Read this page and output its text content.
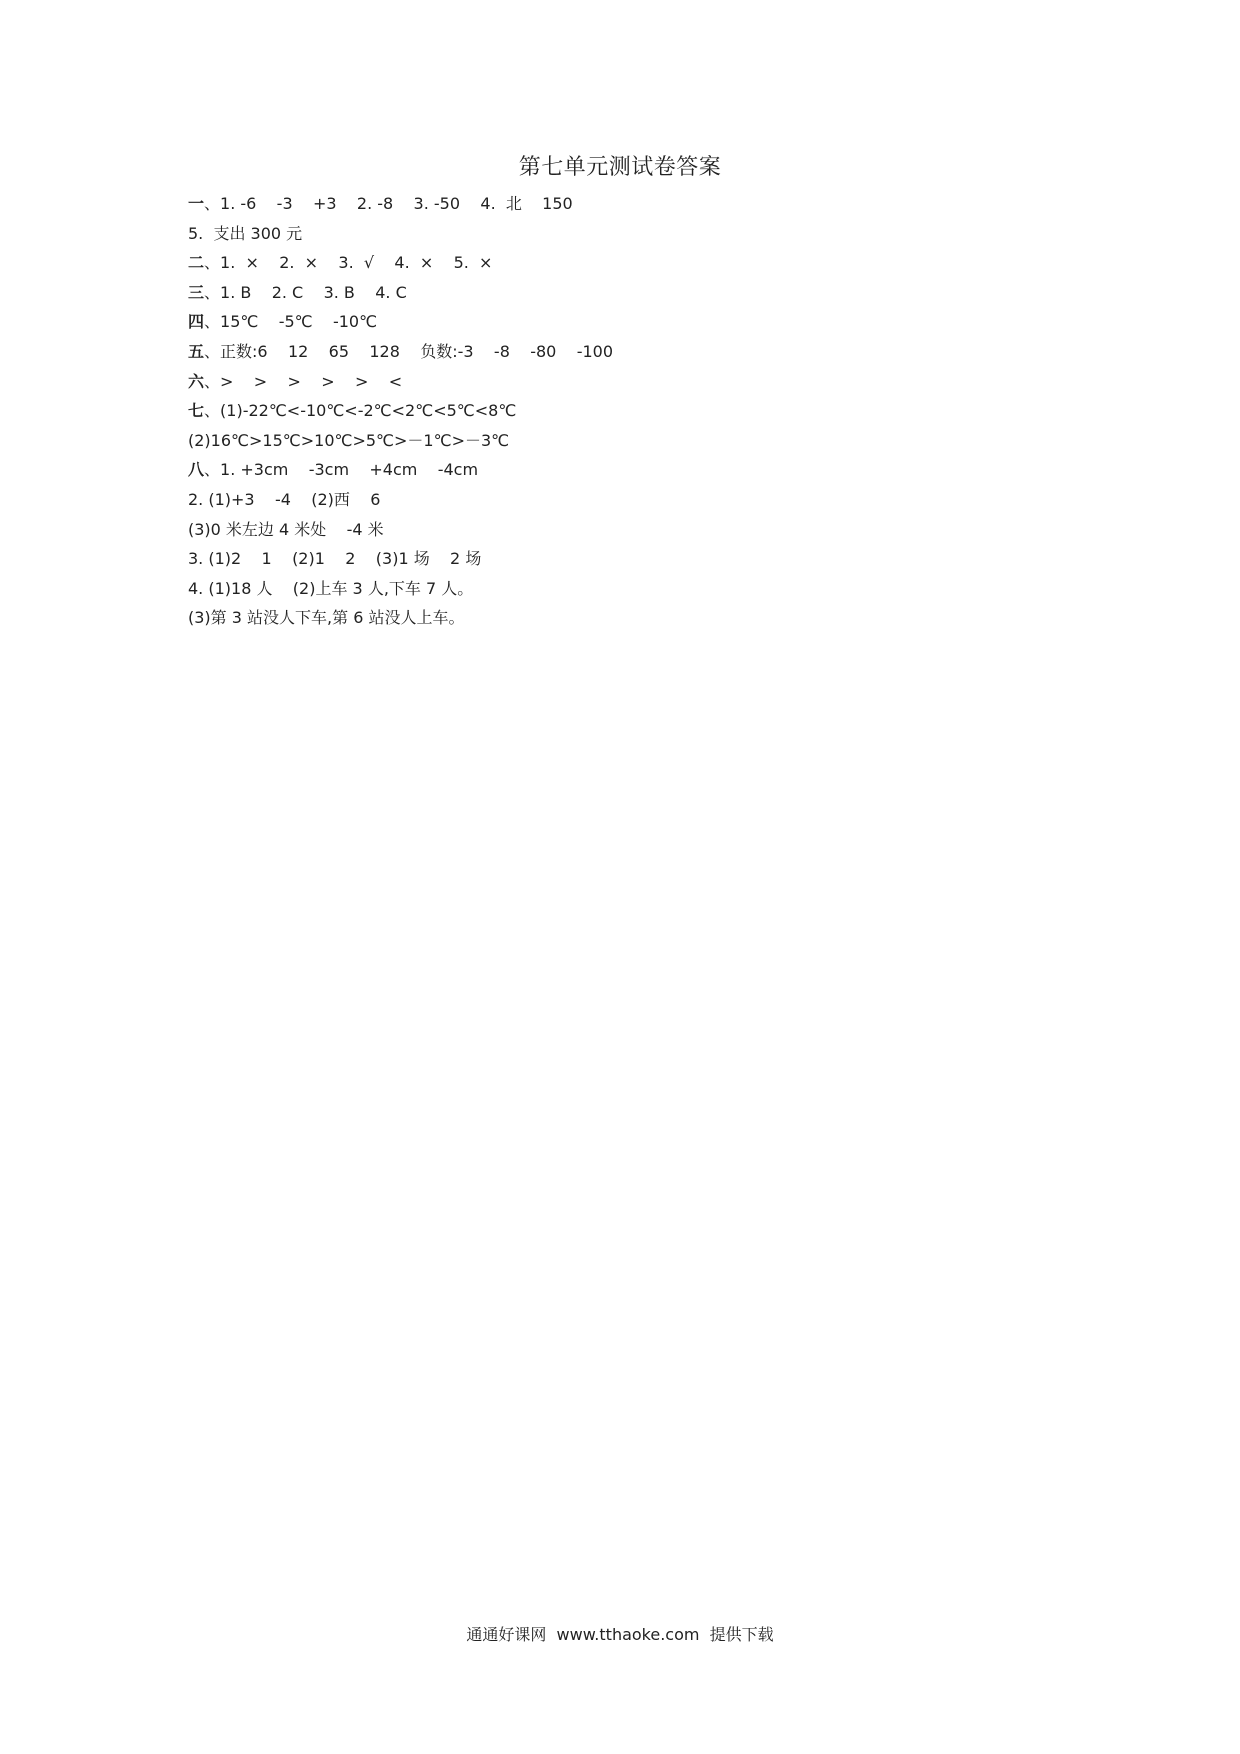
第七单元测试卷答案
一、1. -6    -3    +3    2. -8    3. -50    4.  北    150
5.  支出 300 元
二、1.  ×    2.  ×    3.  √    4.  ×    5.  ×
三、1. B    2. C    3. B    4. C
四、15℃    -5℃    -10℃
五、正数:6    12    65    128    负数:-3    -8    -80    -100
六、>    >    >    >    >    <
七、(1)-22℃<-10℃<-2℃<2℃<5℃<8℃
(2)16℃>15℃>10℃>5℃>－1℃>－3℃
八、1. +3cm    -3cm    +4cm    -4cm
2. (1)+3    -4    (2)西    6
(3)0 米左边 4 米处    -4 米
3. (1)2    1    (2)1    2    (3)1 场    2 场
4. (1)18 人    (2)上车 3 人,下车 7 人。
(3)第 3 站没人下车,第 6 站没人上车。
通通好课网  www.tthaoke.com  提供下载
